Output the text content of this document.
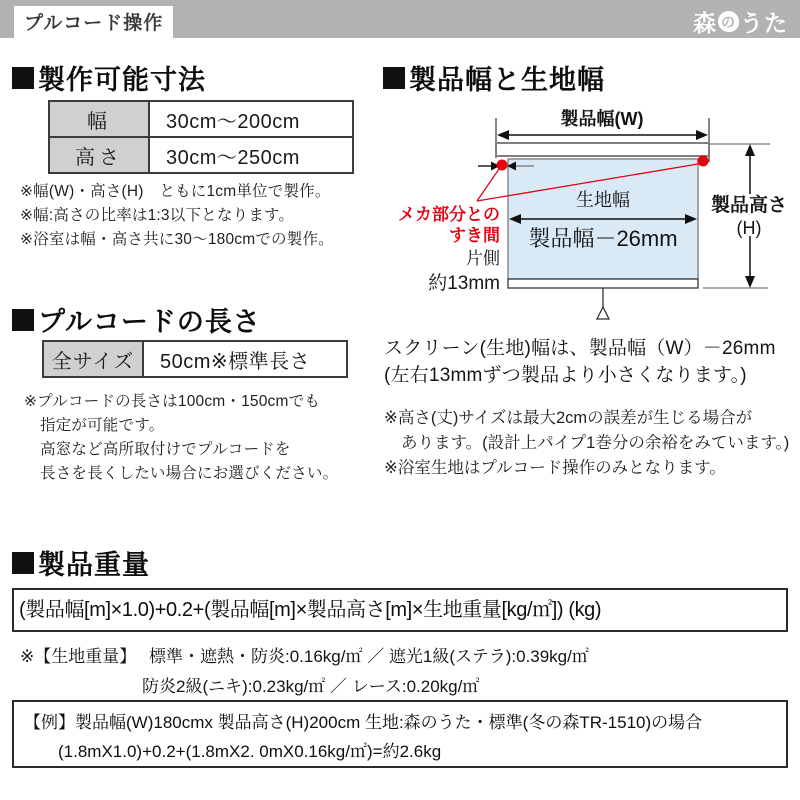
プルコード操作	森 の うた
製作可能寸法
幅	30cm～200cm
高さ	30cm～250cm
※幅(W)・高さ(H)　ともに1cm単位で製作。
※幅:高さの比率は1:3以下となります。
※浴室は幅・高さ共に30～180cmでの製作。
プルコードの長さ
全サイズ	50cm※標準長さ
※プルコードの長さは100cm・150cmでも
指定が可能です。
高窓など高所取付けでプルコードを
長さを長くしたい場合にお選びください。
製品幅と生地幅
製品幅(W)
生地幅
製品幅－26mm
製品高さ
(H)
メカ部分との
すき間
片側
約13mm
スクリーン(生地)幅は、製品幅（W）－26mm
(左右13mmずつ製品より小さくなります。)
※高さ(丈)サイズは最大2cmの誤差が生じる場合が
あります。(設計上パイプ1巻分の余裕をみています。)
※浴室生地はプルコード操作のみとなります。
製品重量
(製品幅[m]×1.0)+0.2+(製品幅[m]×製品高さ[m]×生地重量[kg/㎡]) (kg)
※【生地重量】 標準・遮熱・防炎:0.16kg/㎡ ／ 遮光1級(ステラ):0.39kg/㎡
防炎2級(ニキ):0.23kg/㎡ ／ レース:0.20kg/㎡
【例】製品幅(W)180cmx 製品高さ(H)200cm 生地:森のうた・標準(冬の森TR-1510)の場合
(1.8mX1.0)+0.2+(1.8mX2. 0mX0.16kg/㎡)=約2.6kg
